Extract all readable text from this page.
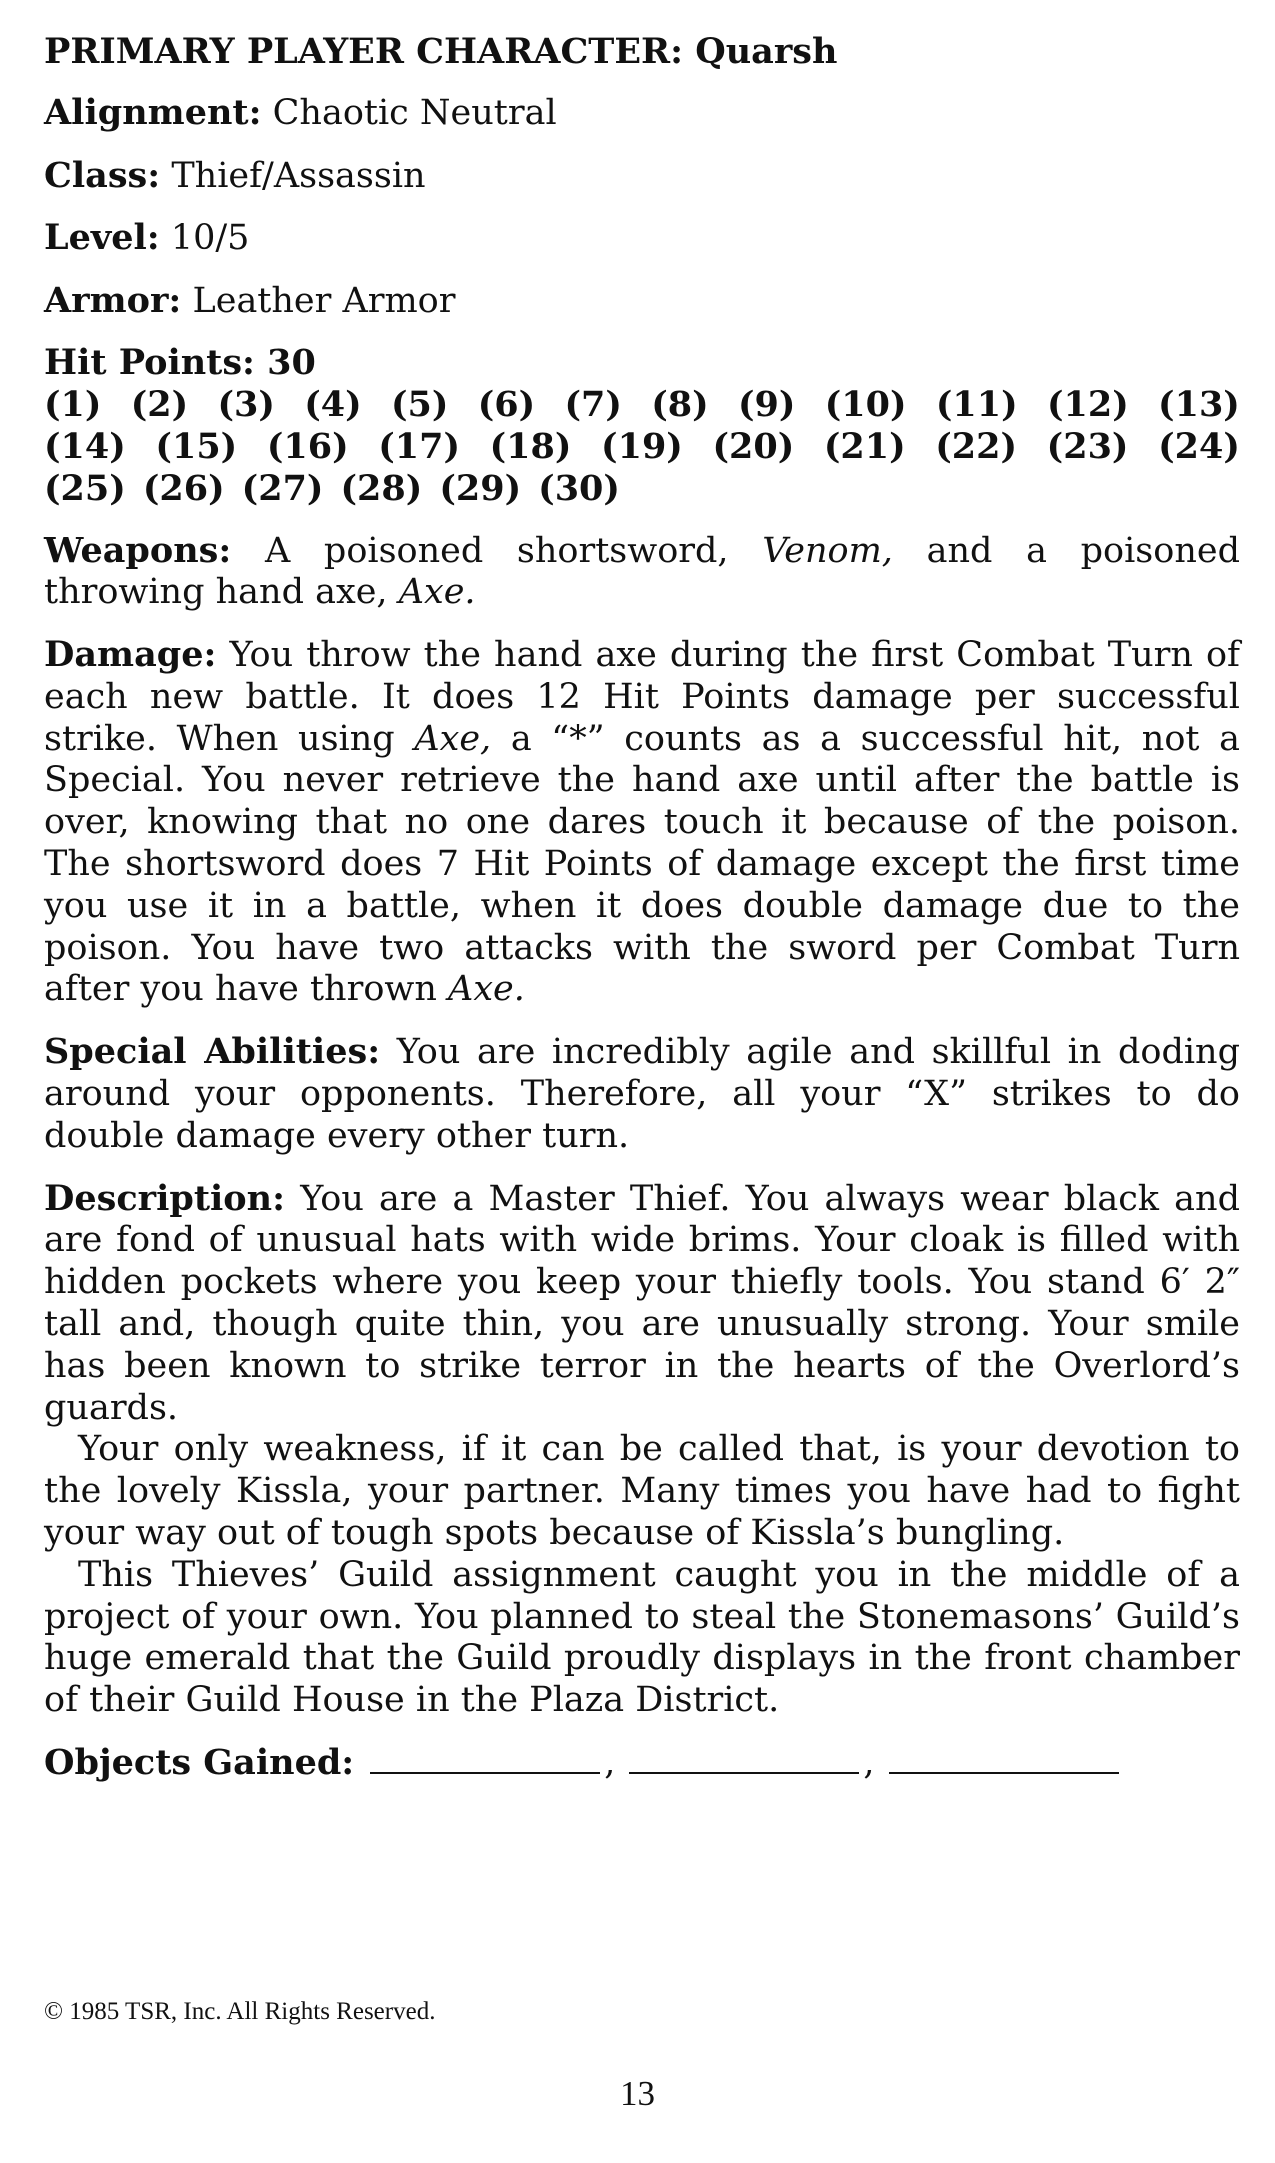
PRIMARY PLAYER CHARACTER: Quarsh

Alignment: Chaotic Neutral

Class: Thief/Assassin

Level: 10/5

Armor: Leather Armor

Hit Points: 30

(1) (2) (3) (4) (5) (6) (7) (8) (9) (10) (11) (12) (13)
(14) (15) (16) (17) (18) (19) (20) (21) (22) (23) (24)
(25) (26) (27) (28) (29) (30)

Weapons: A poisoned shortsword, Venom, and a poisoned throwing hand axe, Axe.

Damage: You throw the hand axe during the first Combat Turn of each new battle. It does 12 Hit Points damage per successful strike. When using Axe, a “*” counts as a successful hit, not a Special. You never retrieve the hand axe until after the battle is over, knowing that no one dares touch it because of the poison. The shortsword does 7 Hit Points of damage except the first time you use it in a battle, when it does double damage due to the poison. You have two attacks with the sword per Combat Turn after you have thrown Axe.

Special Abilities: You are incredibly agile and skillful in doding around your opponents. Therefore, all your “X” strikes to do double damage every other turn.

Description: You are a Master Thief. You always wear black and are fond of unusual hats with wide brims. Your cloak is filled with hidden pockets where you keep your thiefly tools. You stand 6′ 2″ tall and, though quite thin, you are unusually strong. Your smile has been known to strike terror in the hearts of the Overlord’s guards.

Your only weakness, if it can be called that, is your devotion to the lovely Kissla, your partner. Many times you have had to fight your way out of tough spots because of Kissla’s bungling.

This Thieves’ Guild assignment caught you in the middle of a project of your own. You planned to steal the Stonemasons’ Guild’s huge emerald that the Guild proudly displays in the front chamber of their Guild House in the Plaza District.

Objects Gained:	,	,
© 1985 TSR, Inc. All Rights Reserved.
13
